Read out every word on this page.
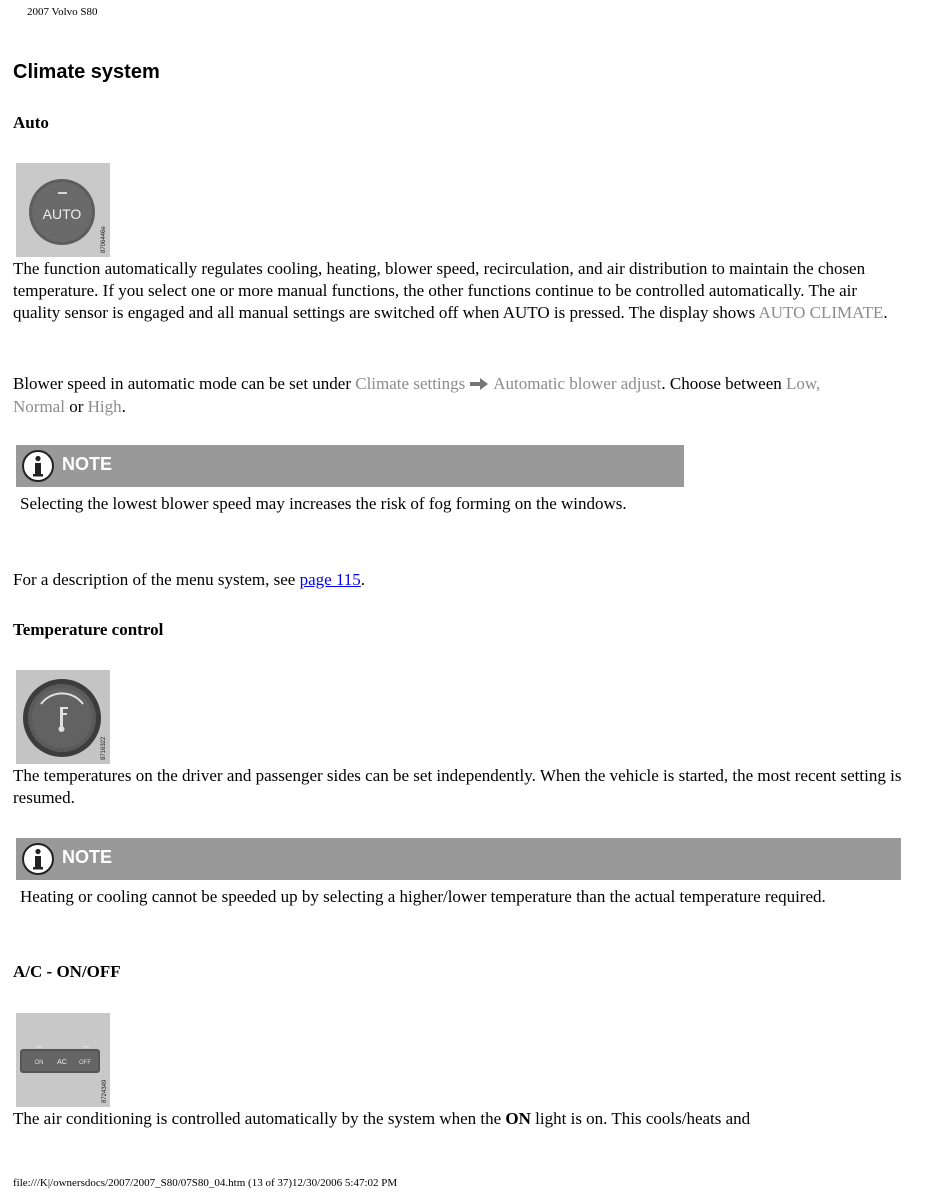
2007 Volvo S80
Climate system
Auto
AUTO
8706446e

The function automatically regulates cooling, heating, blower speed, recirculation, and air distribution to maintain the chosen temperature. If you select one or more manual functions, the other functions continue to be controlled automatically. The air quality sensor is engaged and all manual settings are switched off when AUTO is pressed. The display shows AUTO CLIMATE.

Blower speed in automatic mode can be set under Climate settings Automatic blower adjust. Choose between Low,
Normal or High.

NOTE

Selecting the lowest blower speed may increases the risk of fog forming on the windows.

For a description of the menu system, see page 115.

Temperature control
8716322

The temperatures on the driver and passenger sides can be set independently. When the vehicle is started, the most recent setting is resumed.

NOTE

Heating or cooling cannot be speeded up by selecting a higher/lower temperature than the actual temperature required.

A/C - ON/OFF
ON AC OFF
8724349

The air conditioning is controlled automatically by the system when the ON light is on. This cools/heats and

file:///K|/ownersdocs/2007/2007_S80/07S80_04.htm (13 of 37)12/30/2006 5:47:02 PM
